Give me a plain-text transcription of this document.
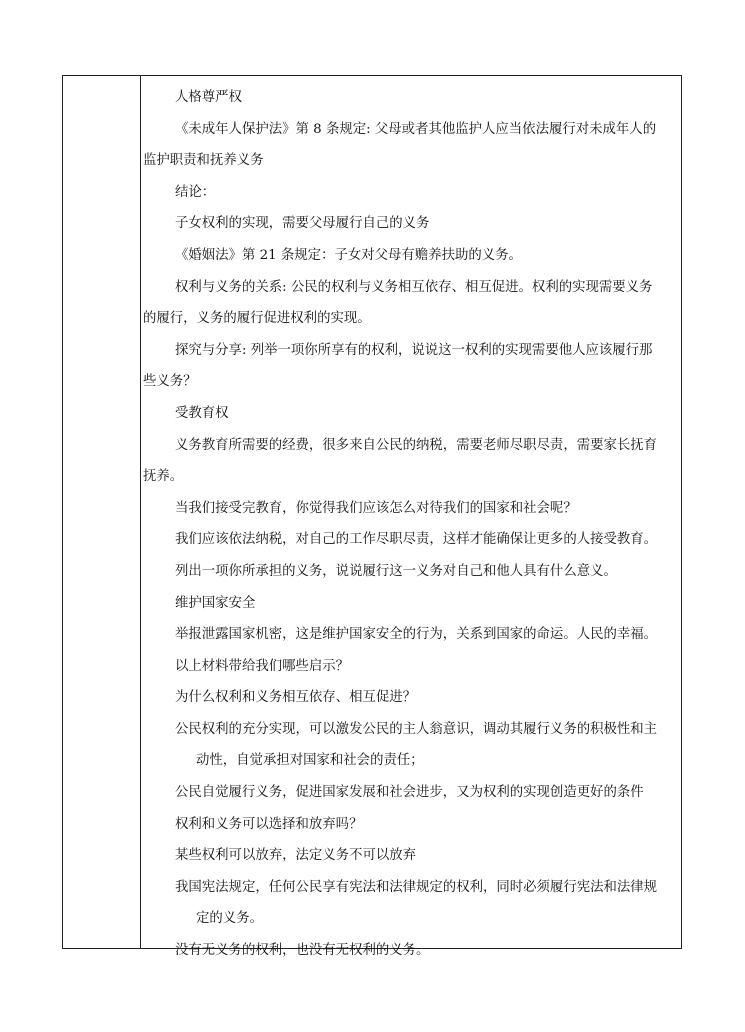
人格尊严权
《未成年人保护法》第 8 条规定: 父母或者其他监护人应当依法履行对未成年人的
监护职责和抚养义务
结论：
子女权利的实现，需要父母履行自己的义务
《婚姻法》第 21 条规定：子女对父母有赡养扶助的义务。
权利与义务的关系: 公民的权利与义务相互依存、相互促进。权利的实现需要义务
的履行，义务的履行促进权利的实现。
探究与分享: 列举一项你所享有的权利，说说这一权利的实现需要他人应该履行那
些义务？
受教育权
义务教育所需要的经费，很多来自公民的纳税，需要老师尽职尽责，需要家长抚育
抚养。
当我们接受完教育，你觉得我们应该怎么对待我们的国家和社会呢？
我们应该依法纳税，对自己的工作尽职尽责，这样才能确保让更多的人接受教育。
列出一项你所承担的义务，说说履行这一义务对自己和他人具有什么意义。
维护国家安全
举报泄露国家机密，这是维护国家安全的行为，关系到国家的命运。人民的幸福。
以上材料带给我们哪些启示？
为什么权利和义务相互依存、相互促进？
公民权利的充分实现，可以激发公民的主人翁意识，调动其履行义务的积极性和主
动性，自觉承担对国家和社会的责任；
公民自觉履行义务，促进国家发展和社会进步，又为权利的实现创造更好的条件
权利和义务可以选择和放弃吗？
某些权利可以放弃，法定义务不可以放弃
我国宪法规定，任何公民享有宪法和法律规定的权利，同时必须履行宪法和法律规
定的义务。
没有无义务的权利，也没有无权利的义务。
